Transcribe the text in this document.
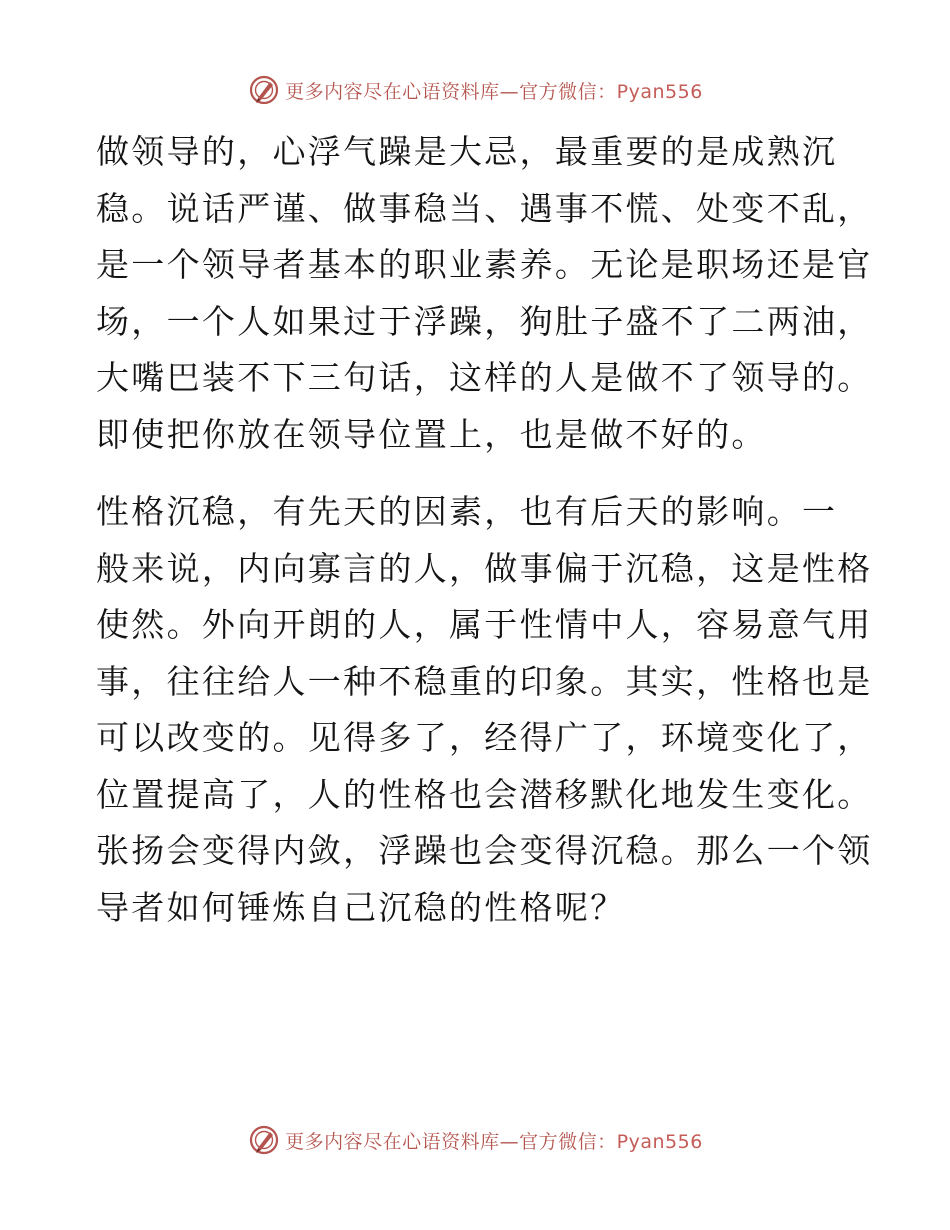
更多内容尽在心语资料库—官方微信：Pyan556

做领导的，心浮气躁是大忌，最重要的是成熟沉
稳。说话严谨、做事稳当、遇事不慌、处变不乱，
是一个领导者基本的职业素养。无论是职场还是官
场，一个人如果过于浮躁，狗肚子盛不了二两油，
大嘴巴装不下三句话，这样的人是做不了领导的。
即使把你放在领导位置上，也是做不好的。

性格沉稳，有先天的因素，也有后天的影响。一
般来说，内向寡言的人，做事偏于沉稳，这是性格
使然。外向开朗的人，属于性情中人，容易意气用
事，往往给人一种不稳重的印象。其实，性格也是
可以改变的。见得多了，经得广了，环境变化了，
位置提高了，人的性格也会潜移默化地发生变化。
张扬会变得内敛，浮躁也会变得沉稳。那么一个领
导者如何锤炼自己沉稳的性格呢？

更多内容尽在心语资料库—官方微信：Pyan556
